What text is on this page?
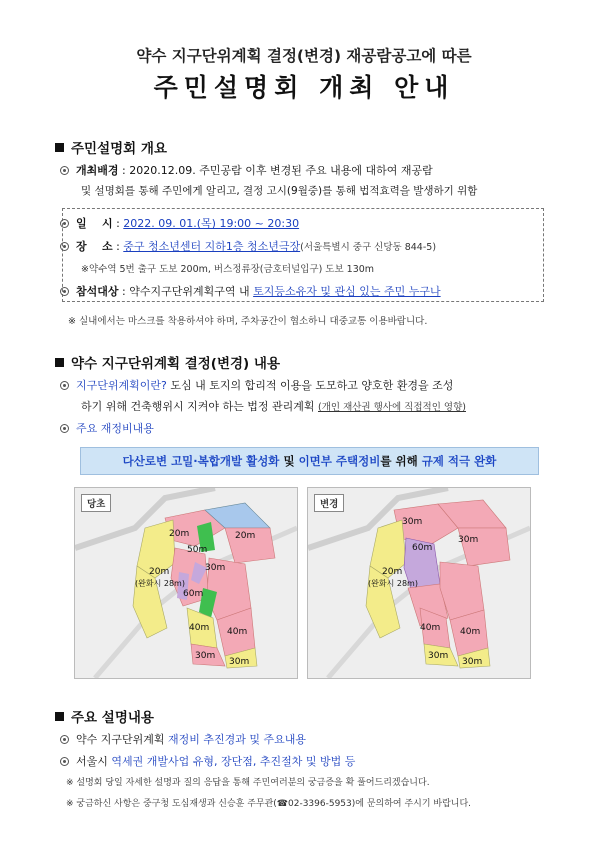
약수 지구단위계획 결정(변경) 재공람공고에 따른
주민설명회 개최 안내
주민설명회 개요
개최배경 : 2020.12.09. 주민공람 이후 변경된 주요 내용에 대하여 재공람
및 설명회를 통해 주민에게 알리고, 결정 고시(9월중)를 통해 법적효력을 발생하기 위함
일    시 : 2022. 09. 01.(목) 19:00 ~ 20:30
장    소 : 중구 청소년센터 지하1층 청소년극장(서울특별시 중구 신당동 844-5)
※약수역 5번 출구 도보 200m, 버스정류장(금호터널입구) 도보 130m
참석대상 : 약수지구단위계획구역 내 토지등소유자 및 관심 있는 주민 누구나
※ 실내에서는 마스크를 착용하셔야 하며, 주차공간이 협소하니 대중교통 이용바랍니다.
약수 지구단위계획 결정(변경) 내용
지구단위계획이란? 도심 내 토지의 합리적 이용을 도모하고 양호한 환경을 조성
하기 위해 건축행위시 지켜야 하는 법정 관리계획 (개인 재산권 행사에 직접적인 영향)
주요 재정비내용
다산로변 고밀·복합개발 활성화
및
이면부 주택정비 를 위해
규제 적극 완화
20m
50m
20m
30m
20m
(완화시 28m)
60m
40m
30m
40m
30m
당초
30m
60m
30m
20m
(완화시 28m)
40m
30m
40m
30m
변경
주요 설명내용
약수 지구단위계획 재정비 추진경과 및 주요내용
서울시 역세권 개발사업 유형, 장단점, 추진절차 및 방법 등
※ 설명회 당일 자세한 설명과 질의 응답을 통해 주민여러분의 궁금증을 확 풀어드리겠습니다.
※ 궁금하신 사항은 중구청 도심재생과 신승훈 주무관(☎02-3396-5953)에 문의하여 주시기 바랍니다.
